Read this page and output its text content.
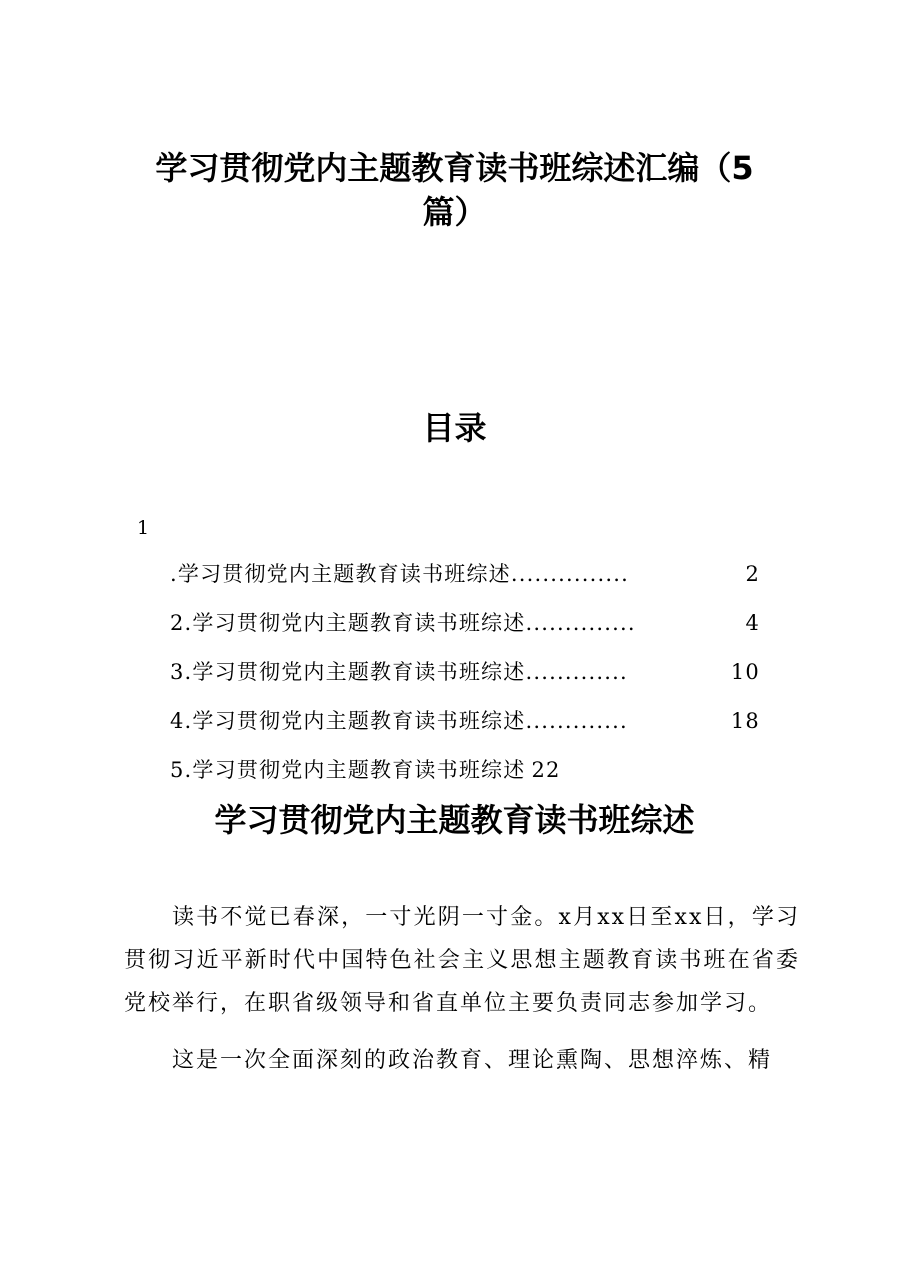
学习贯彻党内主题教育读书班综述汇编（5
篇）
目录
1
.学习贯彻党内主题教育读书班综述 ...............	2
2.学习贯彻党内主题教育读书班综述 ..............	4
3.学习贯彻党内主题教育读书班综述 .............	10
4.学习贯彻党内主题教育读书班综述 .............	18
5.学习贯彻党内主题教育读书班综述 22
学习贯彻党内主题教育读书班综述

读书不觉已春深，一寸光阴一寸金。x月xx日至xx日，学习贯彻习近平新时代中国特色社会主义思想主题教育读书班在省委党校举行，在职省级领导和省直单位主要负责同志参加学习。

这是一次全面深刻的政治教育、理论熏陶、思想淬炼、精
